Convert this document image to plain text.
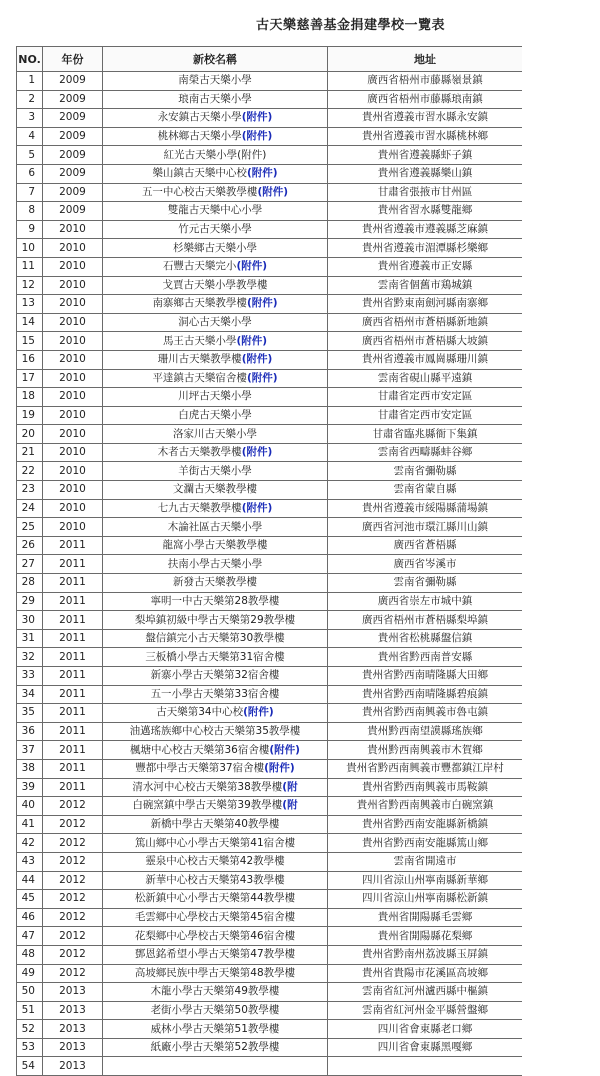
古天樂慈善基金捐建學校一覽表
NO.	年份	新校名稱	地址
1	2009	南榮古天樂小學	廣西省梧州市藤縣嶺景鎮
2	2009	琅南古天樂小學	廣西省梧州市藤縣琅南鎮
3	2009	永安鎮古天樂小學(附件)	貴州省遵義市習水縣永安鎮
4	2009	桃林鄉古天樂小學(附件)	貴州省遵義市習水縣桃林鄉
5	2009	紅光古天樂小學(附件)	貴州省遵義縣虾子鎮
6	2009	樂山鎮古天樂中心校(附件)	貴州省遵義縣樂山鎮
7	2009	五一中心校古天樂教學樓(附件)	甘肅省張掖市甘州區
8	2009	雙龍古天樂中心小學	貴州省習水縣雙龍鄉
9	2010	竹元古天樂小學	貴州省遵義市遵義縣芝麻鎮
10	2010	杉樂鄉古天樂小學	貴州省遵義市湄潭縣杉樂鄉
11	2010	石豐古天樂完小(附件)	貴州省遵義市正安縣
12	2010	戈賈古天樂小學教學樓	雲南省個舊市鶏城鎮
13	2010	南寨鄉古天樂教學樓(附件)	貴州省黔東南劍河縣南寨鄉
14	2010	洞心古天樂小學	廣西省梧州市蒼梧縣新地鎮
15	2010	馬王古天樂小學(附件)	廣西省梧州市蒼梧縣大坡鎮
16	2010	珊川古天樂教學樓(附件)	貴州省遵義市鳳崗縣珊川鎮
17	2010	平達鎮古天樂宿舍樓(附件)	雲南省硯山縣平遠鎮
18	2010	川坪古天樂小學	甘肅省定西市安定區
19	2010	白虎古天樂小學	甘肅省定西市安定區
20	2010	洛家川古天樂小學	甘肅省臨兆縣衙下集鎮
21	2010	木者古天樂教學樓(附件)	雲南省西疇縣蚌谷鄉
22	2010	羊街古天樂小學	雲南省彌勒縣
23	2010	文瀾古天樂教學樓	雲南省蒙自縣
24	2010	七九古天樂教學樓(附件)	貴州省遵義市綏陽縣蒲場鎮
25	2010	木論社區古天樂小學	廣西省河池市環江縣川山鎮
26	2011	龍窩小學古天樂教學樓	廣西省蒼梧縣
27	2011	扶南小學古天樂小學	廣西省岑溪市
28	2011	新發古天樂教學樓	雲南省彌勒縣
29	2011	寧明一中古天樂第28教學樓	廣西省崇左市城中鎮
30	2011	梨埠鎮初級中學古天樂第29教學樓	廣西省梧州市蒼梧縣梨埠鎮
31	2011	盤信鎮完小古天樂第30教學樓	貴州省松桃縣盤信鎮
32	2011	三板橋小學古天樂第31宿舍樓	貴州省黔西南普安縣
33	2011	新寨小學古天樂第32宿舍樓	貴州省黔西南晴隆縣大田鄉
34	2011	五一小學古天樂第33宿舍樓	貴州省黔西南晴隆縣碧痕鎮
35	2011	古天樂第34中心校(附件)	貴州省黔西南興義市魯屯鎮
36	2011	油邁瑤族鄉中心校古天樂第35教學樓	貴州黔西南望謨縣瑤族鄉
37	2011	楓塘中心校古天樂第36宿舍樓(附件)	貴州黔西南興義市木賀鄉
38	2011	豐都中學古天樂第37宿舍樓(附件)	貴州省黔西南興義市豐都鎮江岸村
39	2011	清水河中心校古天樂第38教學樓(附	貴州省黔西南興義市馬鞍鎮
40	2012	白碗窯鎮中學古天樂第39教學樓(附	貴州省黔西南興義市白碗窯鎮
41	2012	新橋中學古天樂第40教學樓	貴州省黔西南安龍縣新橋鎮
42	2012	篤山鄉中心小學古天樂第41宿舍樓	貴州省黔西南安龍縣篤山鄉
43	2012	靈泉中心校古天樂第42教學樓	雲南省開遠市
44	2012	新華中心校古天樂第43教學樓	四川省涼山州寧南縣新華鄉
45	2012	松新鎮中心小學古天樂第44教學樓	四川省涼山州寧南縣松新鎮
46	2012	毛雲鄉中心學校古天樂第45宿舍樓	貴州省開陽縣毛雲鄉
47	2012	花梨鄉中心學校古天樂第46宿舍樓	貴州省開陽縣花梨鄉
48	2012	鄧恩銘希望小學古天樂第47教學樓	貴州省黔南州荔波縣玉屏鎮
49	2012	高坡鄉民族中學古天樂第48教學樓	貴州省貴陽市花溪區高坡鄉
50	2013	木龍小學古天樂第49教學樓	雲南省紅河州瀘西縣中樞鎮
51	2013	老街小學古天樂第50教學樓	雲南省紅河州金平縣營盤鄉
52	2013	威林小學古天樂第51教學樓	四川省會東縣老口鄉
53	2013	紙廠小學古天樂第52教學樓	四川省會東縣黑嘎鄉
54	2013		
